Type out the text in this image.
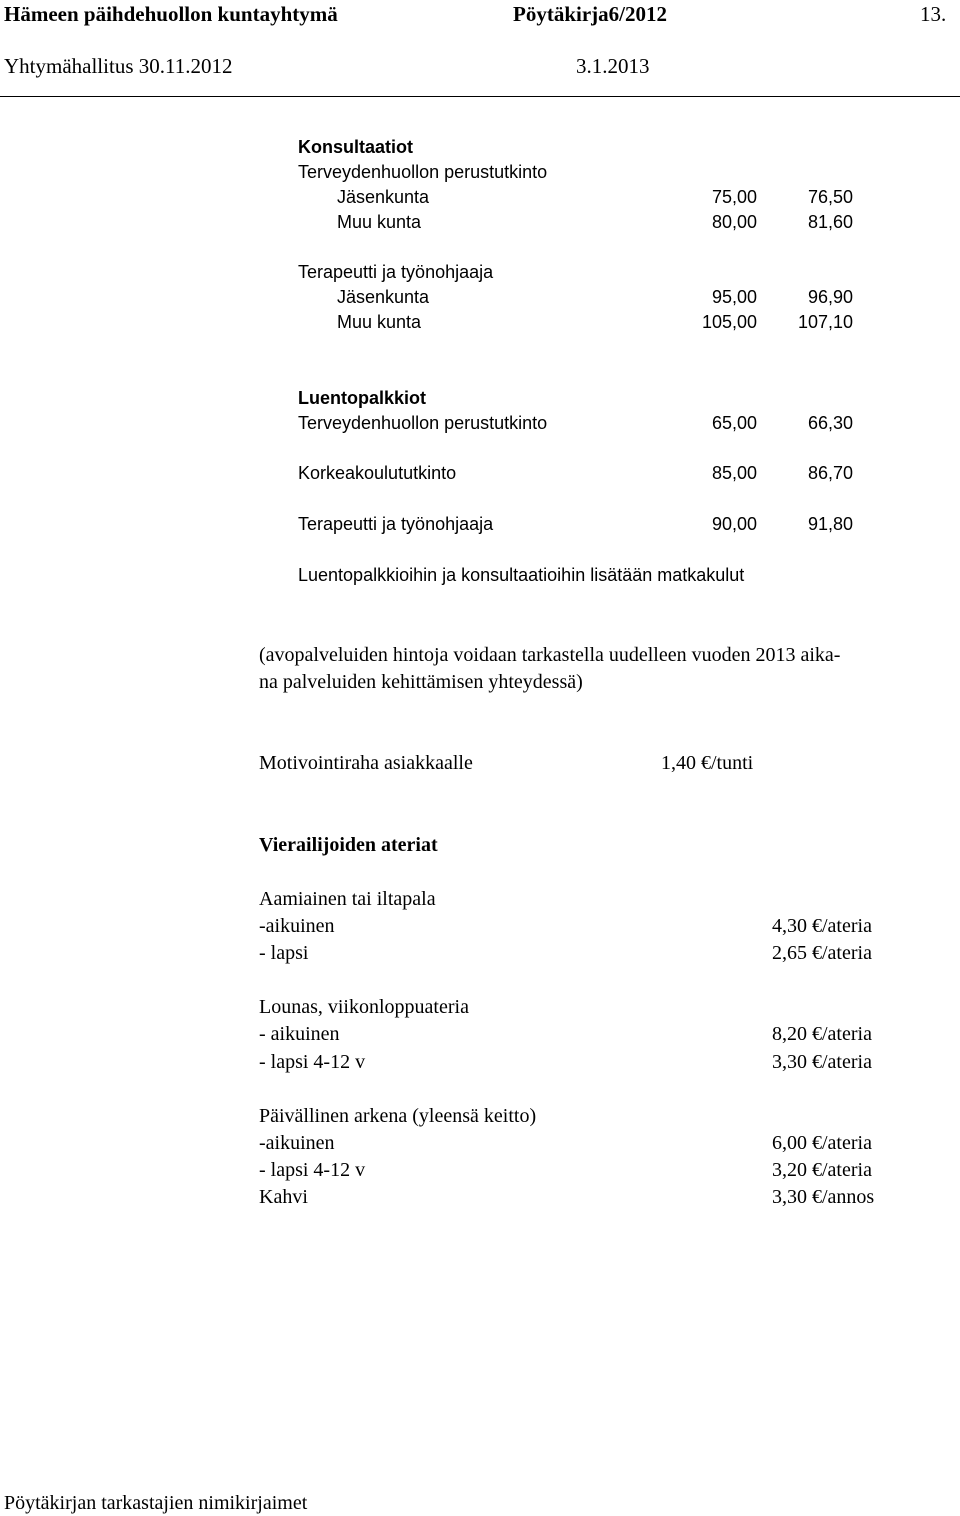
Hämeen päihdehuollon kuntayhtymä	Pöytäkirja6/2012	13.
Yhtymähallitus 30.11.2012	3.1.2013
Konsultaatiot
Terveydenhuollon perustutkinto
Jäsenkunta	75,00	76,50
Muu kunta	80,00	81,60
Terapeutti ja työnohjaaja
Jäsenkunta	95,00	96,90
Muu kunta	105,00	107,10
Luentopalkkiot
Terveydenhuollon perustutkinto	65,00	66,30
Korkeakoulututkinto	85,00	86,70
Terapeutti ja työnohjaaja	90,00	91,80
Luentopalkkioihin ja konsultaatioihin lisätään matkakulut
(avopalveluiden hintoja voidaan tarkastella uudelleen vuoden 2013 aika-
na palveluiden kehittämisen yhteydessä)
Motivointiraha asiakkaalle	1,40 €/tunti
Vierailijoiden ateriat
Aamiainen tai iltapala
-aikuinen	4,30 €/ateria
- lapsi	2,65 €/ateria
Lounas, viikonloppuateria
- aikuinen	8,20 €/ateria
- lapsi 4-12 v	3,30 €/ateria
Päivällinen arkena (yleensä keitto)
-aikuinen	6,00 €/ateria
- lapsi 4-12 v	3,20 €/ateria
Kahvi	3,30 €/annos
Pöytäkirjan tarkastajien nimikirjaimet
